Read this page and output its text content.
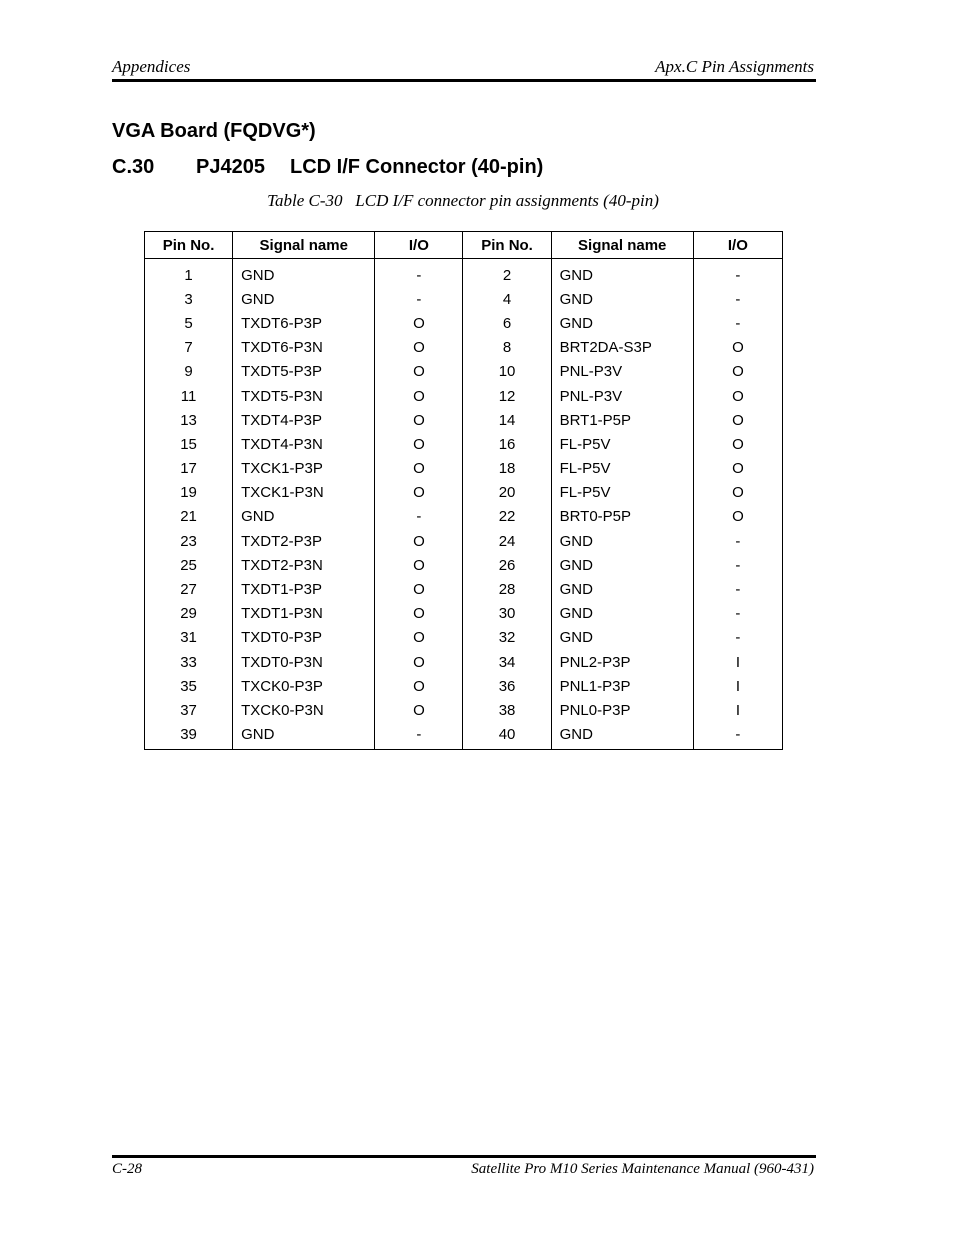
Appendices	Apx.C Pin Assignments
VGA Board (FQDVG*)
C.30 PJ4205 LCD I/F Connector (40-pin)
Table C-30   LCD I/F connector pin assignments (40-pin)
Pin No.	Signal name	I/O	Pin No.	Signal name	I/O
1	GND	-	2	GND	-
3	GND	-	4	GND	-
5	TXDT6-P3P	O	6	GND	-
7	TXDT6-P3N	O	8	BRT2DA-S3P	O
9	TXDT5-P3P	O	10	PNL-P3V	O
11	TXDT5-P3N	O	12	PNL-P3V	O
13	TXDT4-P3P	O	14	BRT1-P5P	O
15	TXDT4-P3N	O	16	FL-P5V	O
17	TXCK1-P3P	O	18	FL-P5V	O
19	TXCK1-P3N	O	20	FL-P5V	O
21	GND	-	22	BRT0-P5P	O
23	TXDT2-P3P	O	24	GND	-
25	TXDT2-P3N	O	26	GND	-
27	TXDT1-P3P	O	28	GND	-
29	TXDT1-P3N	O	30	GND	-
31	TXDT0-P3P	O	32	GND	-
33	TXDT0-P3N	O	34	PNL2-P3P	I
35	TXCK0-P3P	O	36	PNL1-P3P	I
37	TXCK0-P3N	O	38	PNL0-P3P	I
39	GND	-	40	GND	-
C-28	Satellite Pro M10 Series Maintenance Manual (960-431)
